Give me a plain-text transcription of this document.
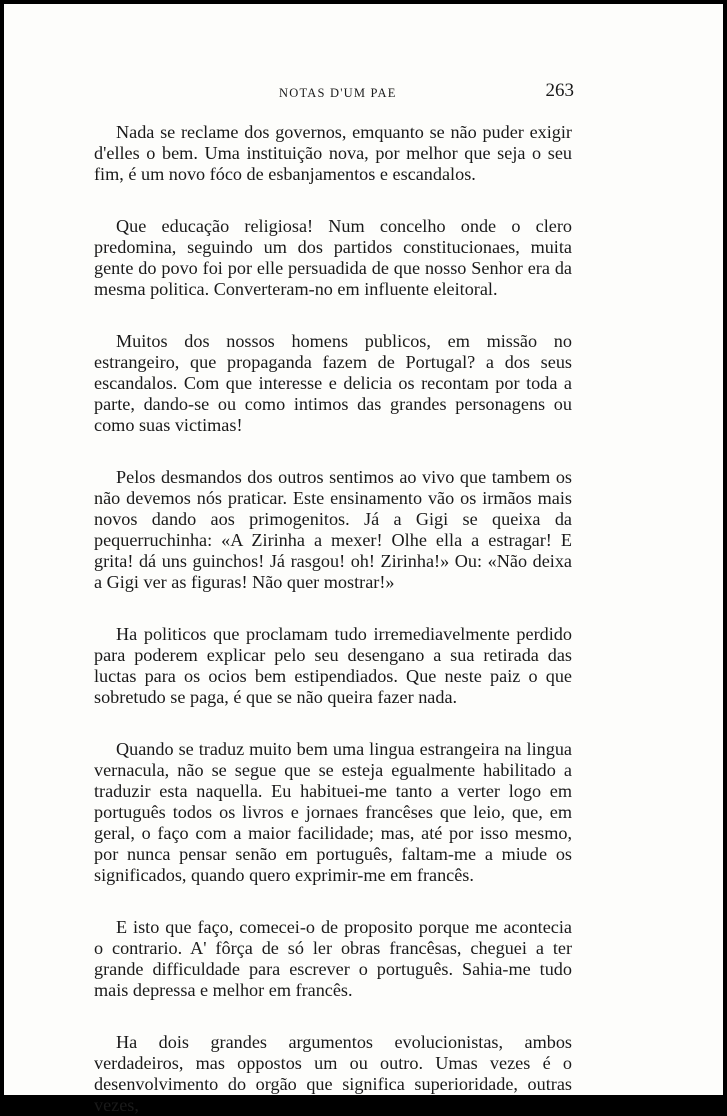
NOTAS D'UM PAE	263

Nada se reclame dos governos, emquanto se não puder exigir d'elles o bem. Uma instituição nova, por melhor que seja o seu fim, é um novo fóco de esbanjamentos e escandalos.

Que educação religiosa! Num concelho onde o clero predomina, seguindo um dos partidos constitucionaes, muita gente do povo foi por elle persuadida de que nosso Senhor era da mesma politica. Converteram-no em influente eleitoral.

Muitos dos nossos homens publicos, em missão no estrangeiro, que propaganda fazem de Portugal? a dos seus escandalos. Com que interesse e delicia os recontam por toda a parte, dando-se ou como intimos das grandes personagens ou como suas victimas!

Pelos desmandos dos outros sentimos ao vivo que tambem os não devemos nós praticar. Este ensinamento vão os irmãos mais novos dando aos primogenitos. Já a Gigi se queixa da pequerruchinha: «A Zirinha a mexer! Olhe ella a estragar! E grita! dá uns guinchos! Já rasgou! oh! Zirinha!» Ou: «Não deixa a Gigi ver as figuras! Não quer mostrar!»

Ha politicos que proclamam tudo irremediavelmente perdido para poderem explicar pelo seu desengano a sua retirada das luctas para os ocios bem estipendiados. Que neste paiz o que sobretudo se paga, é que se não queira fazer nada.

Quando se traduz muito bem uma lingua estrangeira na lingua vernacula, não se segue que se esteja egualmente habilitado a traduzir esta naquella. Eu habituei-me tanto a verter logo em português todos os livros e jornaes francêses que leio, que, em geral, o faço com a maior facilidade; mas, até por isso mesmo, por nunca pensar senão em português, faltam-me a miude os significados, quando quero exprimir-me em francês.

E isto que faço, comecei-o de proposito porque me acontecia o contrario. A' fôrça de só ler obras francêsas, cheguei a ter grande difficuldade para escrever o português. Sahia-me tudo mais depressa e melhor em francês.

Ha dois grandes argumentos evolucionistas, ambos verdadeiros, mas oppostos um ou outro. Umas vezes é o desenvolvimento do orgão que significa superioridade, outras vezes,
